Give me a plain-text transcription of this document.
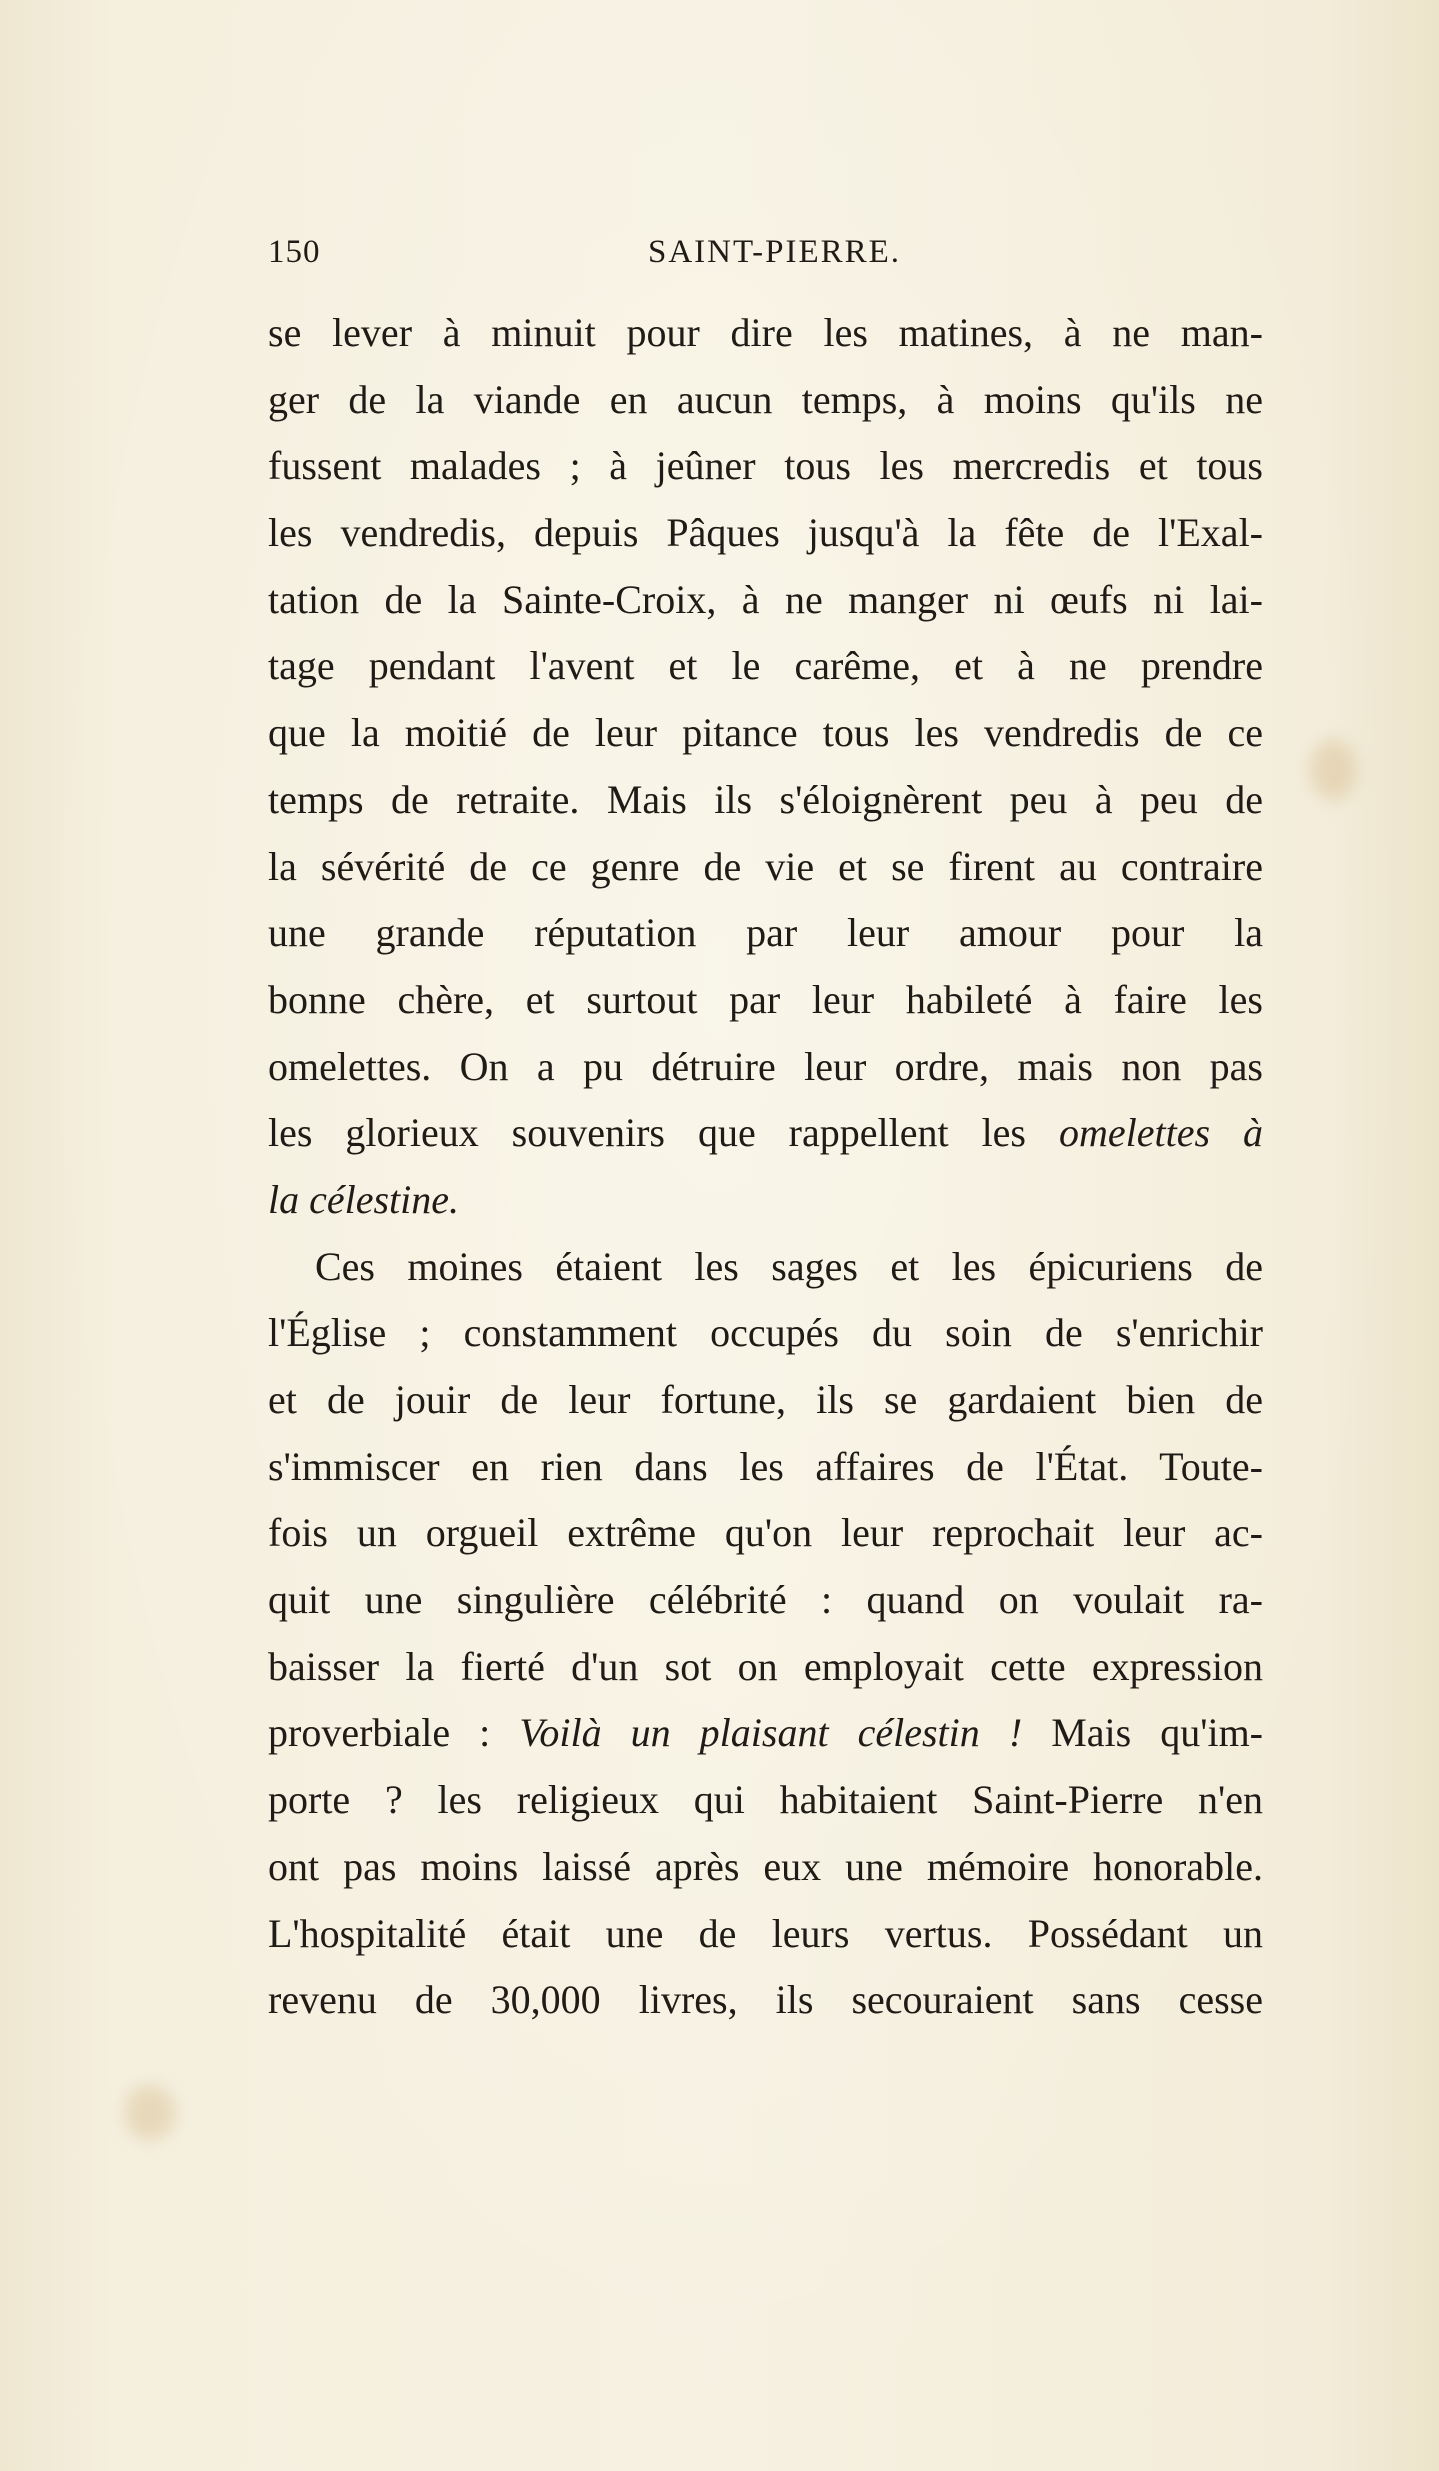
150	SAINT-PIERRE.
se lever à minuit pour dire les matines, à ne man-
ger de la viande en aucun temps, à moins qu'ils ne
fussent malades ; à jeûner tous les mercredis et tous
les vendredis, depuis Pâques jusqu'à la fête de l'Exal-
tation de la Sainte-Croix, à ne manger ni œufs ni lai-
tage pendant l'avent et le carême, et à ne prendre
que la moitié de leur pitance tous les vendredis de ce
temps de retraite. Mais ils s'éloignèrent peu à peu de
la sévérité de ce genre de vie et se firent au contraire
une grande réputation par leur amour pour la
bonne chère, et surtout par leur habileté à faire les
omelettes. On a pu détruire leur ordre, mais non pas
les glorieux souvenirs que rappellent les omelettes à
la célestine.
Ces moines étaient les sages et les épicuriens de
l'Église ; constamment occupés du soin de s'enrichir
et de jouir de leur fortune, ils se gardaient bien de
s'immiscer en rien dans les affaires de l'État. Toute-
fois un orgueil extrême qu'on leur reprochait leur ac-
quit une singulière célébrité : quand on voulait ra-
baisser la fierté d'un sot on employait cette expression
proverbiale : Voilà un plaisant célestin ! Mais qu'im-
porte ? les religieux qui habitaient Saint-Pierre n'en
ont pas moins laissé après eux une mémoire honorable.
L'hospitalité était une de leurs vertus. Possédant un
revenu de 30,000 livres, ils secouraient sans cesse
